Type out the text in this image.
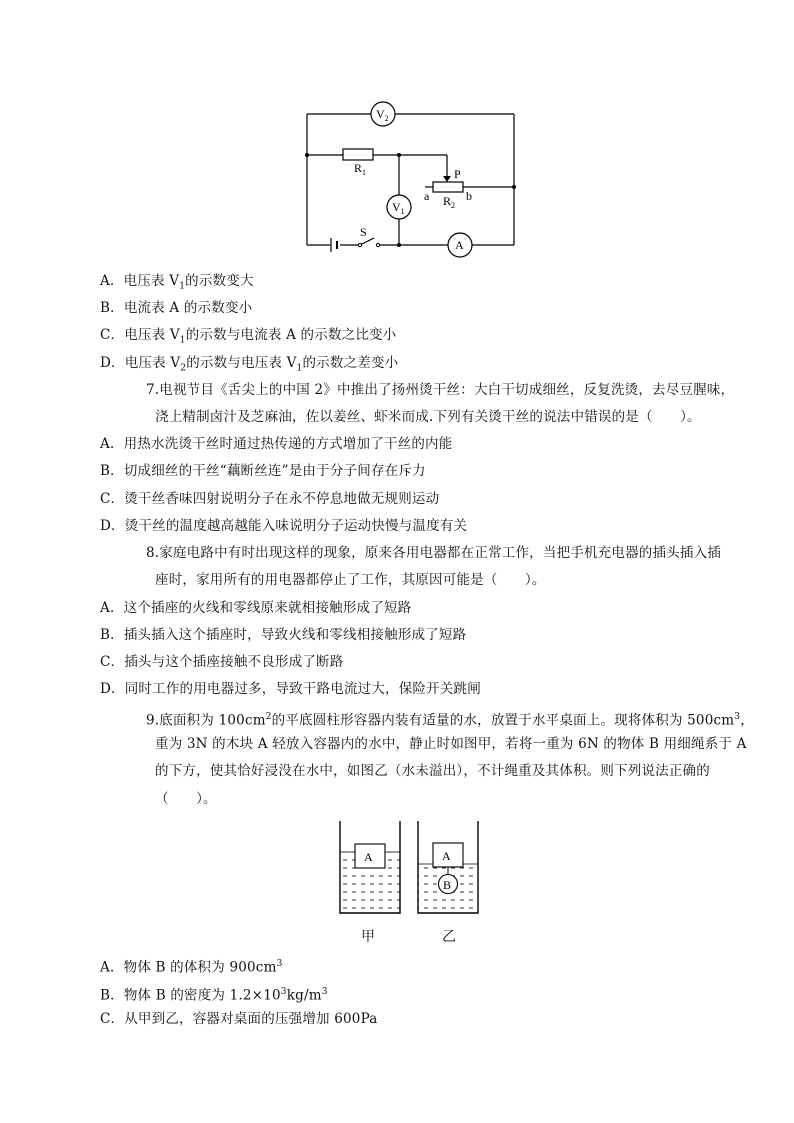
$V_2$
$V_1$
A
$R_1$
$R_2$
P
a	b
S
A．电压表 $V_1$的示数变大
B．电流表 A 的示数变小
C．电压表 $V_1$的示数与电流表 A 的示数之比变小
D．电压表 $V_2$的示数与电压表 $V_1$的示数之差变小
7.电视节目《舌尖上的中国 2》中推出了扬州烫干丝：大白干切成细丝，反复洗烫，去尽豆腥味，
浇上精制卤汁及芝麻油，佐以姜丝、虾米而成.下列有关烫干丝的说法中错误的是（　　）。
A．用热水洗烫干丝时通过热传递的方式增加了干丝的内能
B．切成细丝的干丝“藕断丝连”是由于分子间存在斥力
C．烫干丝香味四射说明分子在永不停息地做无规则运动
D．烫干丝的温度越高越能入味说明分子运动快慢与温度有关
8.家庭电路中有时出现这样的现象，原来各用电器都在正常工作，当把手机充电器的插头插入插
座时，家用所有的用电器都停止了工作，其原因可能是（　　）。
A．这个插座的火线和零线原来就相接触形成了短路
B．插头插入这个插座时，导致火线和零线相接触形成了短路
C．插头与这个插座接触不良形成了断路
D．同时工作的用电器过多，导致干路电流过大，保险开关跳闸
9.底面积为 $100cm^2$的平底圆柱形容器内装有适量的水，放置于水平桌面上。现将体积为 $500cm^3$，
重为 3N 的木块 A 轻放入容器内的水中，静止时如图甲，若将一重为 6N 的物体 B 用细绳系于 A
的下方，使其恰好浸没在水中，如图乙（水未溢出），不计绳重及其体积。则下列说法正确的
（　　）。
A	A
B
甲	乙
A．物体 B 的体积为 $900cm^3$
B．物体 B 的密度为 $1.2\times 10^3kg/m^3$
C．从甲到乙，容器对桌面的压强增加 600Pa
